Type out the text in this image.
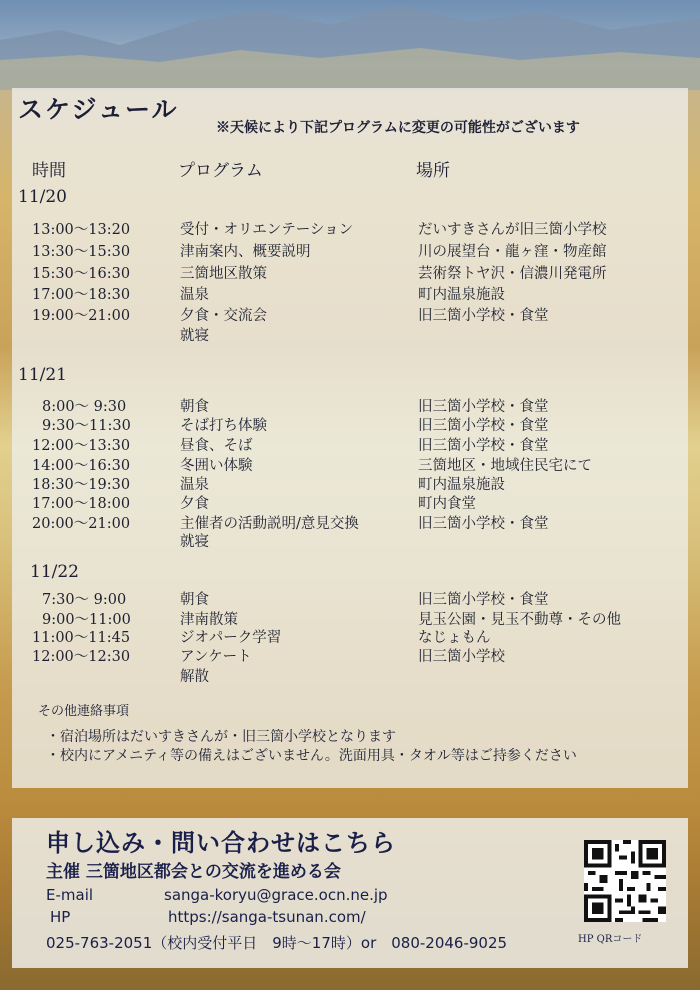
スケジュール
※天候により下記プログラムに変更の可能性がございます
時間	プログラム	場所
11/20
13:00～13:20	受付・オリエンテーション	だいすきさんが旧三箇小学校
13:30～15:30	津南案内、概要説明	川の展望台・龍ヶ窪・物産館
15:30～16:30	三箇地区散策	芸術祭トヤ沢・信濃川発電所
17:00～18:30	温泉	町内温泉施設
19:00～21:00	夕食・交流会	旧三箇小学校・食堂
就寝
11/21
8:00～ 9:30	朝食	旧三箇小学校・食堂
9:30～11:30	そば打ち体験	旧三箇小学校・食堂
12:00～13:30	昼食、そば	旧三箇小学校・食堂
14:00～16:30	冬囲い体験	三箇地区・地域住民宅にて
18:30～19:30	温泉	町内温泉施設
17:00～18:00	夕食	町内食堂
20:00～21:00	主催者の活動説明/意見交換	旧三箇小学校・食堂
就寝
11/22
7:30～ 9:00	朝食	旧三箇小学校・食堂
9:00～11:00	津南散策	見玉公園・見玉不動尊・その他
11:00～11:45	ジオパーク学習	なじょもん
12:00～12:30	アンケート	旧三箇小学校
解散
その他連絡事項
・宿泊場所はだいすきさんが・旧三箇小学校となります
・校内にアメニティ等の備えはございません。洗面用具・タオル等はご持参ください
申し込み・問い合わせはこちら
主催 三箇地区都会との交流を進める会
E-mail	sanga-koryu@grace.ocn.ne.jp
HP	https://sanga-tsunan.com/
025-763-2051（校内受付平日　9時～17時）or　080-2046-9025	HP QRコード
